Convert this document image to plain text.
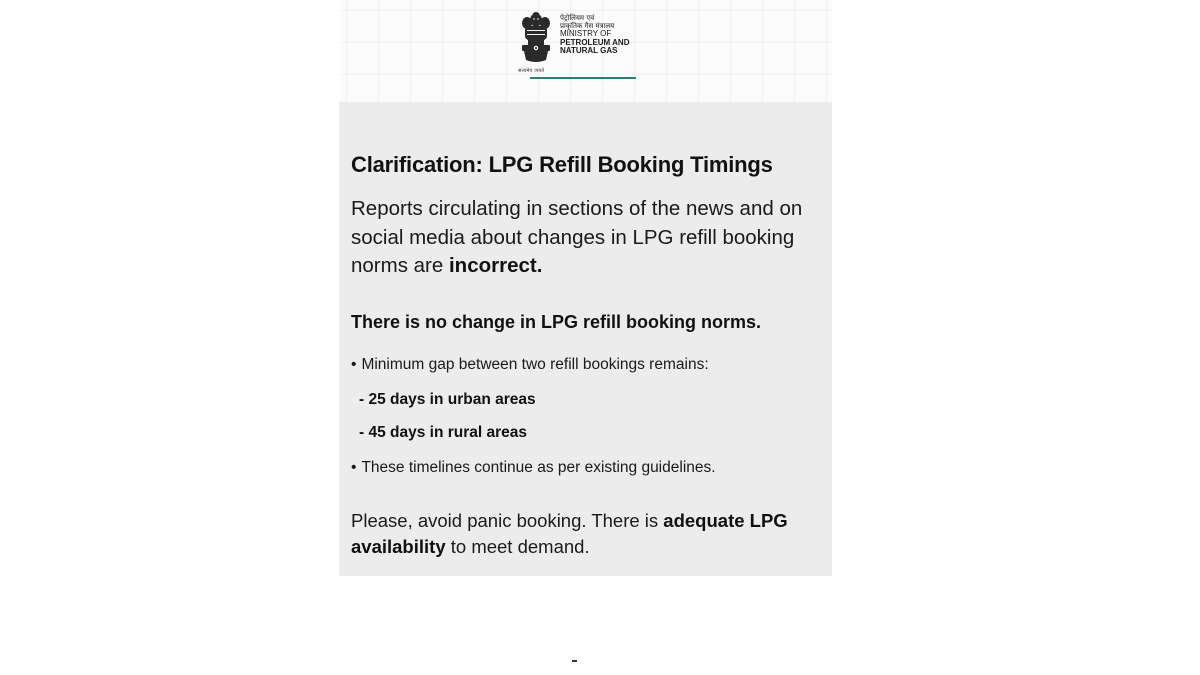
सत्यमेव जयते
पेट्रोलियम एवं
प्राकृतिक गैस मंत्रालय
MINISTRY OF
PETROLEUM AND
NATURAL GAS
Clarification: LPG Refill Booking Timings
Reports circulating in sections of the news and on social media about changes in LPG refill booking norms are incorrect.
There is no change in LPG refill booking norms.
• Minimum gap between two refill bookings remains:
- 25 days in urban areas
- 45 days in rural areas
• These timelines continue as per existing guidelines.
Please, avoid panic booking. There is adequate LPG availability to meet demand.
